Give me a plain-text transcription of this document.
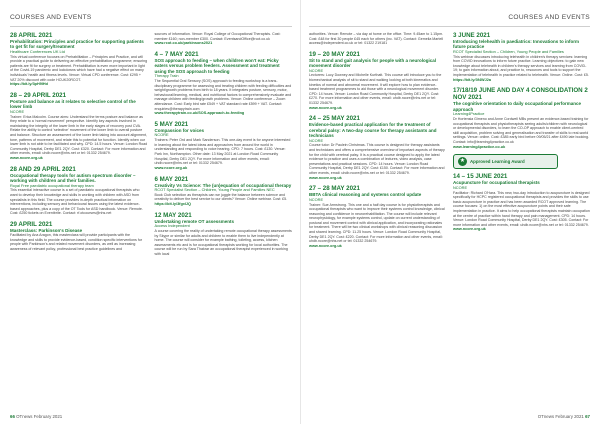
COURSES AND EVENTS
28 APRIL 2021
Prehabilitation: Principles and practice for supporting patients to get fit for surgery/treatment
Healthcare Conferences UK Ltd
This virtual conference focuses on Prehabilitation – Principles and Practice, and will provide a practical guide to delivering an effective prehabilitation programme; ensuring patients are fit for surgery or treatment. Prehabilitation is even more important in light of the Covid-19 pandemic and lockdowns which have had a negative effect on many individuals' health and fitness levels. Venue: Virtual CPD conference. Cost: £295 + VAT 20% discount with code HCUK20RCOT.
https://bit.ly/3pH9lHd
28 – 29 APRIL 2021
Posture and balance as it relates to selective control of the lower limb
NCORE
Trainer: Erica Malcolm. Course aims: Understand the terms posture and balance as they relate to a 'normal movement' perspective. Identify key aspects involved in maintaining the integrity of the lower limb in the early stages of recovery post CVA. Relate the ability to control 'selective' movement of the lower limb to overall posture and balance. Structure an assessment of the lower limb taking into account alignment, tone, patterns of movement, and relate this to potential for function. Identify when our lower limb is not able to be facilitated and why. CPD: 14.5 hours. Venue: London Road Community Hospital, Derby DE1 2QY. Cost: £320. Contact: For more information and other events, email: uhdb.ncore@nhs.net or tel: 01332 254679.
www.ncore.org.uk
28 AND 29 APRIL 2021
Occupational therapy tools for autism spectrum disorder – working with children and their families.
Royal Free paediatric occupational therapy team
This essential interactive course is a set of paediatric occupational therapists who want to develop their knowledge and skills in working with children with ASD from specialists in this field. The course provides in-depth practical information on interventions, including sensory and behavioural issues using the latest evidence-based approaches, plus a copy of the OT Tools for ASD handbook. Venue: Remote. Cost: £250 tickets on Eventbrite. Contact: rf.otcourses@nhs.net
29 APRIL 2021
Masterclass: Parkinson's Disease
Facilitated by Ana Aragon, this masterclass will provide participants with the knowledge and skills to provide evidence-based, condition specific interventions for people with Parkinson's and related movement disorders, as well as increasing awareness of relevant policy, professional best practice guidelines and
sources of information. Venue: Royal College of Occupational Therapists. Cost: member £160; non-member £300. Contact: EventsandOffice@rcot.co.uk
www.rcot.co.uk/parkinsons2021
4 – 7 MAY 2021
SOS approach to feeding – when children won't eat: Picky eaters versus problem feeders. Assessment and treatment using the SOS approach to feeding
Therapy Train
The Sequential Oral Sensory (SOS) approach to feeding workshop is a trans-disciplinary programme for assessing and treating children with feeding difficulties and weight/growth problems from birth to 18 years. It integrates posture, sensory, motor, behavioural/learning, medical, and nutritional factors to comprehensively evaluate and manage children with feeding/growth problems. Venue: Online conference – Zoom attendance. Cost: Early bird rate £549 + VAT standard rate £599 + VAT. Contact: enquiries@therapytrain.com
www.therapytrain.co.uk/SOS-approach-to-feeding
5 MAY 2021
Compassion for voices
NCORE
Trainers: Peter Ord and Mark Sanderson. This one-day event is for anyone interested in learning about the latest ideas and approaches from around the world in understanding and responding to voice hearing. CPD: 7 hours. Cost: £130. Venue: Park Inn, Northampton. Other date: 13 May 2021 at London Road Community Hospital, Derby DE1 2QY. For more information and other events, email: uhdb.ncore@nhs.net or tel: 01332 254679.
www.ncore.org.uk
6 MAY 2021
Creativity Vs Science: The (un)equation of occupational therapy
RCOT Specialist Section – Children, Young People and Families NEC
Book Club selection as therapists can we juggle the balance between science and creativity to deliver the best service to our clients? Venue: Online webinar. Cost: £5.
https://bit.ly/3fgxlJQ
12 MAY 2021
Undertaking remote OT assessments
Access Independent
A course covering the reality of undertaking remote occupational therapy assessments by Skype or similar for adults and children to enable them to live independently at home. The course will consider for example bathing, toileting, access, kitchen assessments etc and is for occupational therapists working for local authorities. The course will be run by Sara Thakrar an occupational therapist experienced in working with local
66 OTnews February 2021
COURSES AND EVENTS
authorities. Venue: Remote – via day at home or the office. Time: 9.45am to 1.15pm. Cost: £48 for first 30 people £45 each for others (inc. VAT). Contact: Gemelia Martell access@independent.co.uk or tel: 01322 219181
19 – 20 MAY 2021
Sit to stand and gait analysis for people with a neurological movement disorder
NCORE
Lecturers: Lucy Downey and Michelle Kurthatt. This course will introduce you to the biomechanical analysis of sit to stand and walking looking at both kinematics and kinetics of normal and abnormal movement. It will explore how to plan evidence-based treatment programmes to aid those with a neurological movement disorder. CPD: 14 hours. Venue: London Road Community Hospital, Derby DE1 2QY. Cost: £270. For more information and other events, email: uhdb.ncore@nhs.net or tel: 01332 254679.
www.ncore.org.uk
24 – 25 MAY 2021
Evidence-based practical application for the treatment of cerebral palsy: A two-day course for therapy assistants and technicians
NCORE
Course tutor: Dr Paulein Christmas. This course is designed for therapy assistants and technicians and offers a comprehensive overview of important aspects of therapy for the child with cerebral palsy. It is a practical course designed to apply the latest evidence to practice and uses a combination of lectures, video analysis, case presentations and practical sessions. CPD: 14 hours. Venue: London Road Community Hospital, Derby DE1 2QY. Cost: £150. Contact: For more information and other events, email: uhdb.ncore@nhs.net or tel: 01332 254679.
www.ncore.org.uk
27 – 28 MAY 2021
BBTA clinical reasoning and systems control update
NCORE
Trainer: Sue Armstrong. This one and a half day course is for physiotherapists and occupational therapists who want to improve their systems control knowledge, clinical reasoning and confidence in neurorehabilitation. The course will include relevant neurophysiology, for example systems control, update on current understanding of postural and movement control with clinical application, and incorporating rationales for treatment. There will be two clinical workshops with clinical reasoning discussion and shared learning. CPD: 11.25 hours. Venue: London Road Community Hospital, Derby DE1 2QY. Cost: £220. Contact: For more information and other events, email: uhdb.ncore@nhs.net or tel: 01332 254679.
www.ncore.org.uk
3 JUNE 2021
Introducing telehealth in paediatrics: Innovations to inform future practice
RCOT Specialist Section – Children, Young People and Families
This webinar discusses introducing telehealth in children's therapy services: learning from COVID innovations to inform future practice. Learning objectives: to gain new knowledge about telehealth in children's therapy services and learning from COVID-19; to gain information about, and practice to, resources and tools to support the implementation of telehealth in practice related to telehealth. Venue: Online. Cost: £5.
https://bit.ly/3f4WJ2a
17/18/19 JUNE AND DAY 4 CONSOLIDATION 2 NOV 2021
The cognitive orientation to daily occupational performance approach
Learning4Practice
Dr Hortensia Gimeno and Anne Cordwell MBs present an evidence-based training for occupational therapists and physiotherapists seeing adults/children with neurological or developmental disorders, to learn the CO-OP approach to enable client-centred skill acquisition, problem solving and generalisation and transfer of skills to real-world settings. Venue: online. Cost: £385 early bird before 09/05/21 after £490 late booking. Contact: info@learning4practice.co.uk
www.learning4practice.co.uk
★	Approved Learning Award
14 – 15 JUNE 2021
Acupuncture for occupational therapists
NCORE
Facilitator: Richard O'Hara. This new, two-day introduction to acupuncture is designed specifically for HCPC registered occupational therapists and provides the skills to use basic acupuncture in practice and has been awarded RCOT approved learning. The course focuses: 1) on the most effective acupuncture points and their safe implementation in practice. It aims to help occupational therapists maintain occupation at the centre of practice within hand therapy and pain management. CPD: 14 hours. Venue: London Road Community Hospital, Derby DE1 2QY. Cost: £305. Contact: For more information and other events, email: uhdb.ncore@nhs.net or tel: 01332 254679.
www.ncore.org.uk
OTnews February 2021 67
